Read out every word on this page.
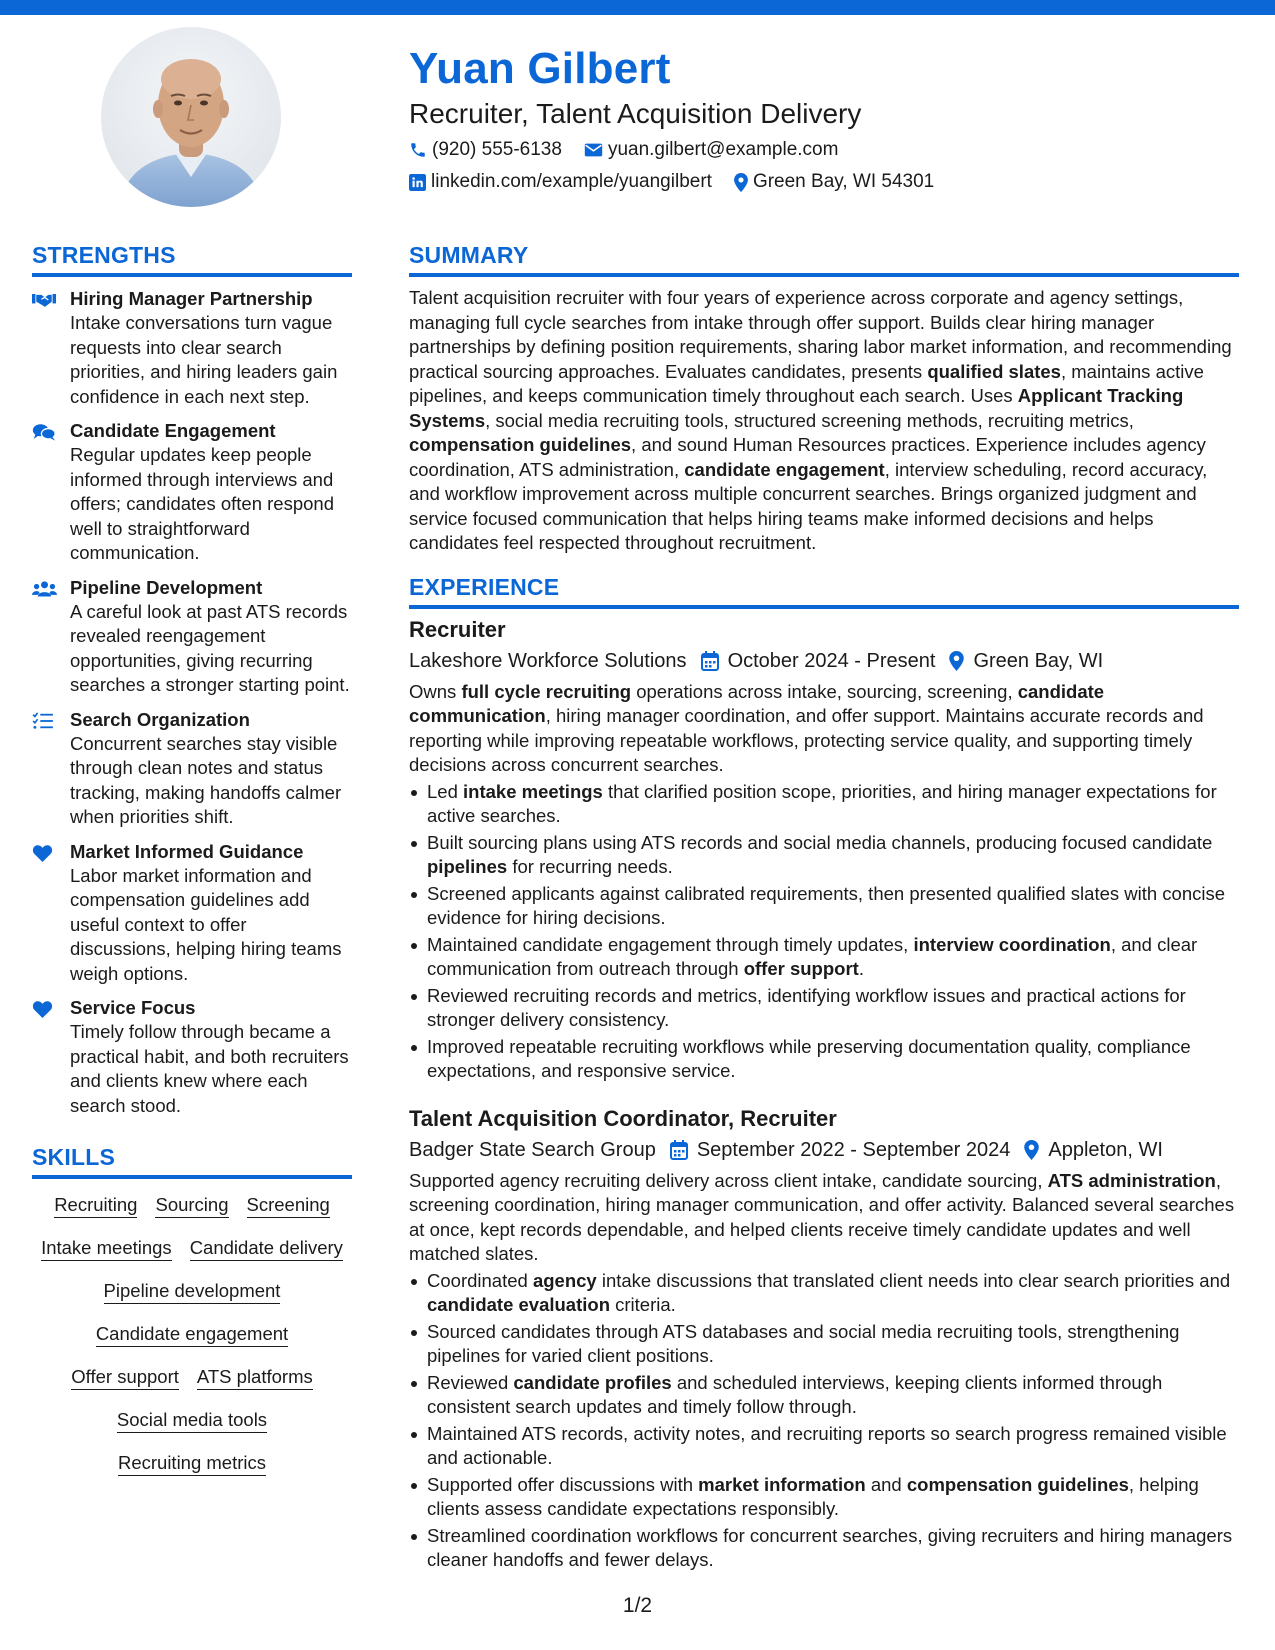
Yuan Gilbert
Recruiter, Talent Acquisition Delivery
(920) 555-6138 yuan.gilbert@example.com
linkedin.com/example/yuangilbert Green Bay, WI 54301
STRENGTHS
Hiring Manager Partnership
Intake conversations turn vague requests into clear search priorities, and hiring leaders gain confidence in each next step.
Candidate Engagement
Regular updates keep people informed through interviews and offers; candidates often respond well to straightforward communication.
Pipeline Development
A careful look at past ATS records revealed reengagement opportunities, giving recurring searches a stronger starting point.
Search Organization
Concurrent searches stay visible through clean notes and status tracking, making handoffs calmer when priorities shift.
Market Informed Guidance
Labor market information and compensation guidelines add useful context to offer discussions, helping hiring teams weigh options.
Service Focus
Timely follow through became a practical habit, and both recruiters and clients knew where each search stood.
SKILLS
Recruiting Sourcing Screening
Intake meetings Candidate delivery
Pipeline development
Candidate engagement
Offer support ATS platforms
Social media tools
Recruiting metrics
SUMMARY
Talent acquisition recruiter with four years of experience across corporate and agency settings, managing full cycle searches from intake through offer support. Builds clear hiring manager partnerships by defining position requirements, sharing labor market information, and recommending practical sourcing approaches. Evaluates candidates, presents qualified slates, maintains active pipelines, and keeps communication timely throughout each search. Uses Applicant Tracking Systems, social media recruiting tools, structured screening methods, recruiting metrics, compensation guidelines, and sound Human Resources practices. Experience includes agency coordination, ATS administration, candidate engagement, interview scheduling, record accuracy, and workflow improvement across multiple concurrent searches. Brings organized judgment and service focused communication that helps hiring teams make informed decisions and helps candidates feel respected throughout recruitment.
EXPERIENCE
Recruiter
Lakeshore Workforce Solutions October 2024 - Present Green Bay, WI
Owns full cycle recruiting operations across intake, sourcing, screening, candidate communication, hiring manager coordination, and offer support. Maintains accurate records and reporting while improving repeatable workflows, protecting service quality, and supporting timely decisions across concurrent searches.
Led intake meetings that clarified position scope, priorities, and hiring manager expectations for active searches.
Built sourcing plans using ATS records and social media channels, producing focused candidate pipelines for recurring needs.
Screened applicants against calibrated requirements, then presented qualified slates with concise evidence for hiring decisions.
Maintained candidate engagement through timely updates, interview coordination, and clear communication from outreach through offer support.
Reviewed recruiting records and metrics, identifying workflow issues and practical actions for stronger delivery consistency.
Improved repeatable recruiting workflows while preserving documentation quality, compliance expectations, and responsive service.
Talent Acquisition Coordinator, Recruiter
Badger State Search Group September 2022 - September 2024 Appleton, WI
Supported agency recruiting delivery across client intake, candidate sourcing, ATS administration, screening coordination, hiring manager communication, and offer activity. Balanced several searches at once, kept records dependable, and helped clients receive timely candidate updates and well matched slates.
Coordinated agency intake discussions that translated client needs into clear search priorities and candidate evaluation criteria.
Sourced candidates through ATS databases and social media recruiting tools, strengthening pipelines for varied client positions.
Reviewed candidate profiles and scheduled interviews, keeping clients informed through consistent search updates and timely follow through.
Maintained ATS records, activity notes, and recruiting reports so search progress remained visible and actionable.
Supported offer discussions with market information and compensation guidelines, helping clients assess candidate expectations responsibly.
Streamlined coordination workflows for concurrent searches, giving recruiters and hiring managers cleaner handoffs and fewer delays.
1/2
